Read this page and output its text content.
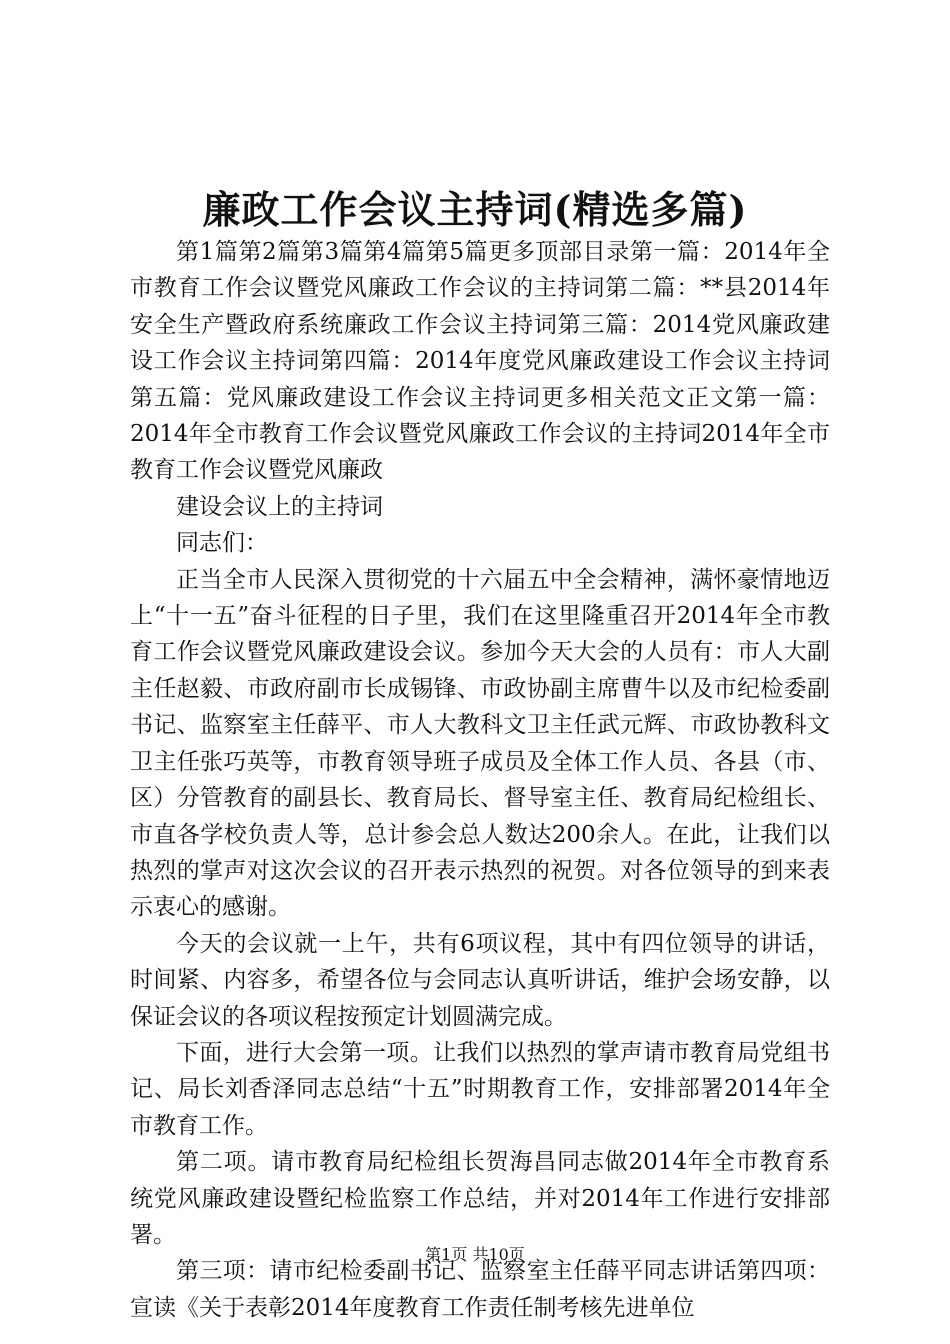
廉政工作会议主持词(精选多篇)

第1篇第2篇第3篇第4篇第5篇更多顶部目录第一篇：2014年全市教育工作会议暨党风廉政工作会议的主持词第二篇：**县2014年安全生产暨政府系统廉政工作会议主持词第三篇：2014党风廉政建设工作会议主持词第四篇：2014年度党风廉政建设工作会议主持词第五篇：党风廉政建设工作会议主持词更多相关范文正文第一篇：2014年全市教育工作会议暨党风廉政工作会议的主持词2014年全市教育工作会议暨党风廉政

建设会议上的主持词

同志们：

正当全市人民深入贯彻党的十六届五中全会精神，满怀豪情地迈上“十一五”奋斗征程的日子里，我们在这里隆重召开2014年全市教育工作会议暨党风廉政建设会议。参加今天大会的人员有：市人大副主任赵毅、市政府副市长成锡锋、市政协副主席曹牛以及市纪检委副书记、监察室主任薛平、市人大教科文卫主任武元辉、市政协教科文卫主任张巧英等，市教育领导班子成员及全体工作人员、各县（市、区）分管教育的副县长、教育局长、督导室主任、教育局纪检组长、市直各学校负责人等，总计参会总人数达200余人。在此，让我们以热烈的掌声对这次会议的召开表示热烈的祝贺。对各位领导的到来表示衷心的感谢。

今天的会议就一上午，共有6项议程，其中有四位领导的讲话，时间紧、内容多，希望各位与会同志认真听讲话，维护会场安静，以保证会议的各项议程按预定计划圆满完成。

下面，进行大会第一项。让我们以热烈的掌声请市教育局党组书记、局长刘香泽同志总结“十五”时期教育工作，安排部署2014年全市教育工作。

第二项。请市教育局纪检组长贺海昌同志做2014年全市教育系统党风廉政建设暨纪检监察工作总结，并对2014年工作进行安排部署。

第三项：请市纪检委副书记、监察室主任薛平同志讲话第四项：宣读《关于表彰2014年度教育工作责任制考核先进单位

第1页 共10页
